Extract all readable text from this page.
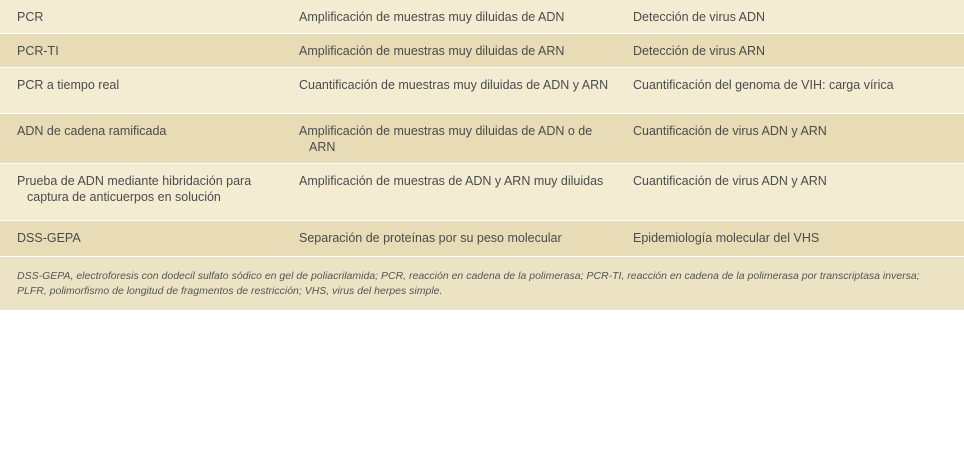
PCR	Amplificación de muestras muy diluidas de ADN	Detección de virus ADN
PCR-TI	Amplificación de muestras muy diluidas de ARN	Detección de virus ARN
PCR a tiempo real	Cuantificación de muestras muy diluidas de ADN y ARN	Cuantificación del genoma de VIH: carga vírica
ADN de cadena ramificada	Amplificación de muestras muy diluidas de ADN o de ARN	Cuantificación de virus ADN y ARN
Prueba de ADN mediante hibridación para captura de anticuerpos en solución	Amplificación de muestras de ADN y ARN muy diluidas	Cuantificación de virus ADN y ARN
DSS-GEPA	Separación de proteínas por su peso molecular	Epidemiología molecular del VHS
DSS-GEPA, electroforesis con dodecil sulfato sódico en gel de poliacrilamida; PCR, reacción en cadena de la polimerasa; PCR-TI, reacción en cadena de la polimerasa por transcriptasa inversa; PLFR, polimorfismo de longitud de fragmentos de restricción; VHS, virus del herpes simple.
